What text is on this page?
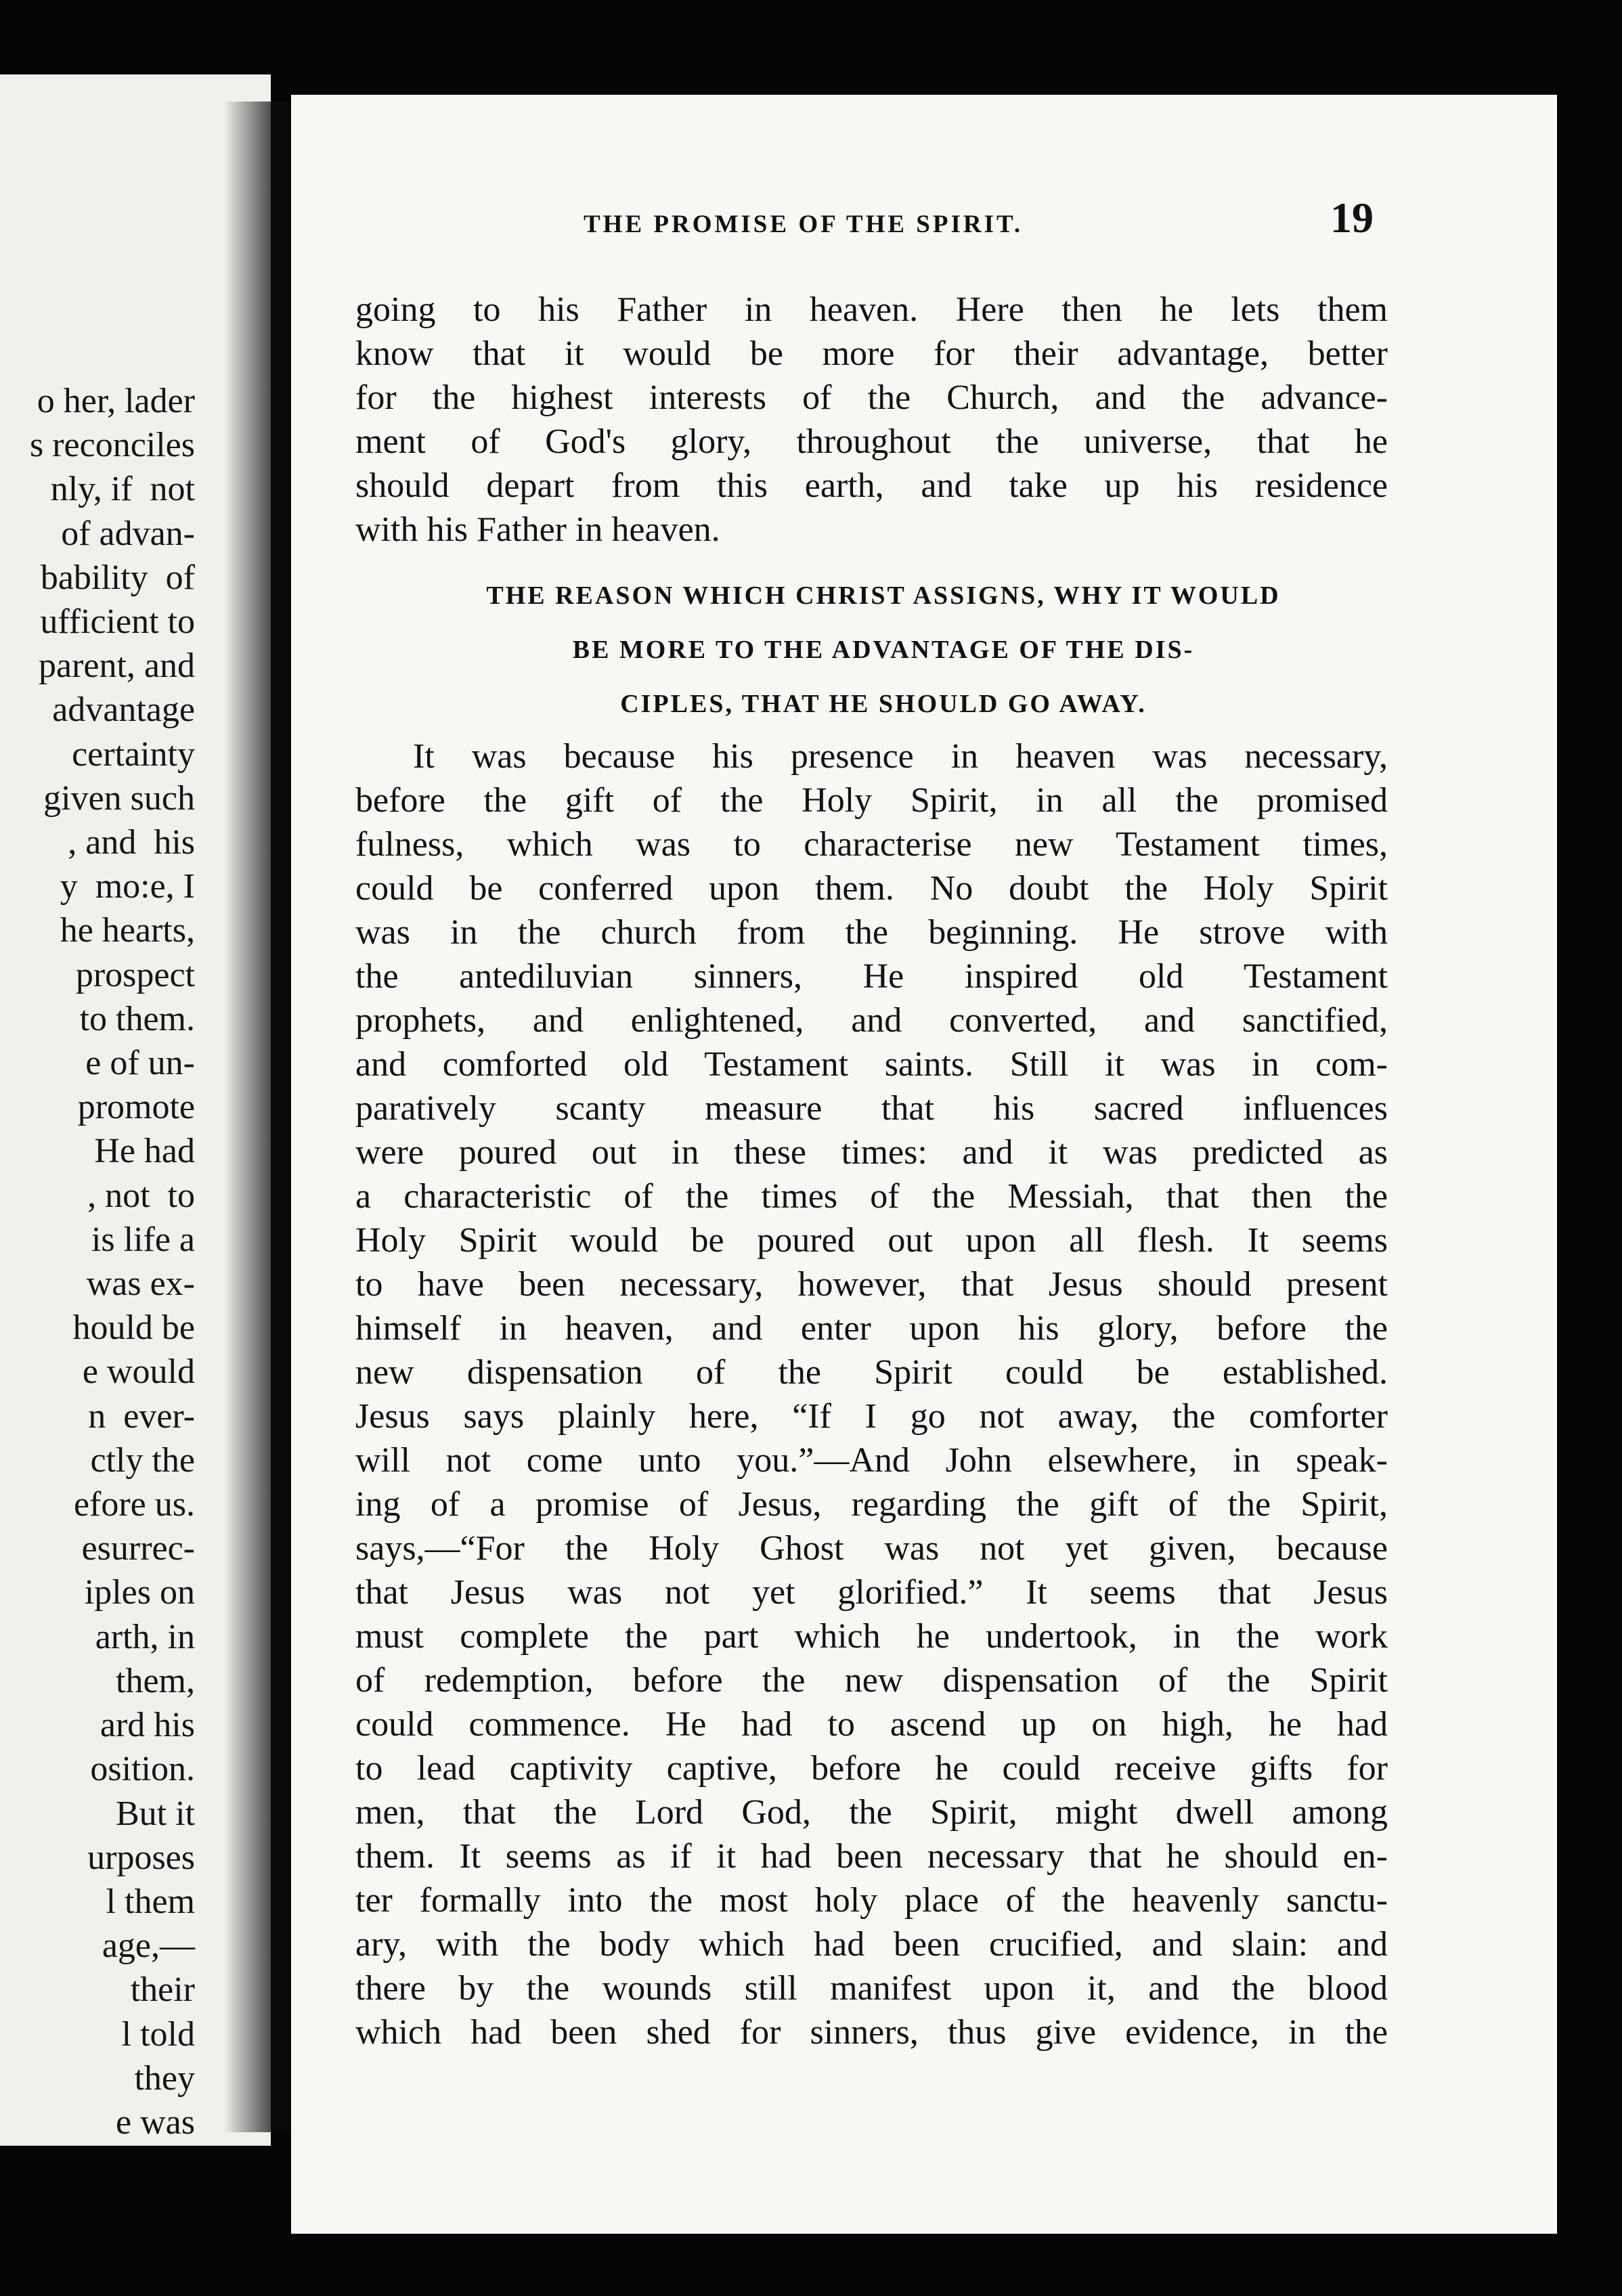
o her, lader
s reconciles
nly, if  not
of advan-
bability  of
ufficient to
parent, and
advantage
certainty
given such
, and  his
y  mo:e, I
he hearts,
prospect
to them.
e of un-
promote
He had
, not  to
is life a
was ex-
hould be
e would
n  ever-
ctly the
efore us.
esurrec-
iples on
arth, in
them,
ard his
osition.
But it
urposes
l them
age,—
their
l told
they
e was
THE PROMISE OF THE SPIRIT.	19
going to his Father in heaven. Here then he lets them
know that it would be more for their advantage, better
for the highest interests of the Church, and the advance-
ment of God's glory, throughout the universe, that he
should depart from this earth, and take up his residence
with his Father in heaven.
THE REASON WHICH CHRIST ASSIGNS, WHY IT WOULD
BE MORE TO THE ADVANTAGE OF THE DIS-
CIPLES, THAT HE SHOULD GO AWAY.
It was because his presence in heaven was necessary,
before the gift of the Holy Spirit, in all the promised
fulness, which was to characterise new Testament times,
could be conferred upon them. No doubt the Holy Spirit
was in the church from the beginning. He strove with
the antediluvian sinners, He inspired old Testament
prophets, and enlightened, and converted, and sanctified,
and comforted old Testament saints. Still it was in com-
paratively scanty measure that his sacred influences
were poured out in these times: and it was predicted as
a characteristic of the times of the Messiah, that then the
Holy Spirit would be poured out upon all flesh. It seems
to have been necessary, however, that Jesus should present
himself in heaven, and enter upon his glory, before the
new dispensation of the Spirit could be established.
Jesus says plainly here, “If I go not away, the comforter
will not come unto you.”—And John elsewhere, in speak-
ing of a promise of Jesus, regarding the gift of the Spirit,
says,—“For the Holy Ghost was not yet given, because
that Jesus was not yet glorified.” It seems that Jesus
must complete the part which he undertook, in the work
of redemption, before the new dispensation of the Spirit
could commence. He had to ascend up on high, he had
to lead captivity captive, before he could receive gifts for
men, that the Lord God, the Spirit, might dwell among
them. It seems as if it had been necessary that he should en-
ter formally into the most holy place of the heavenly sanctu-
ary, with the body which had been crucified, and slain: and
there by the wounds still manifest upon it, and the blood
which had been shed for sinners, thus give evidence, in the
